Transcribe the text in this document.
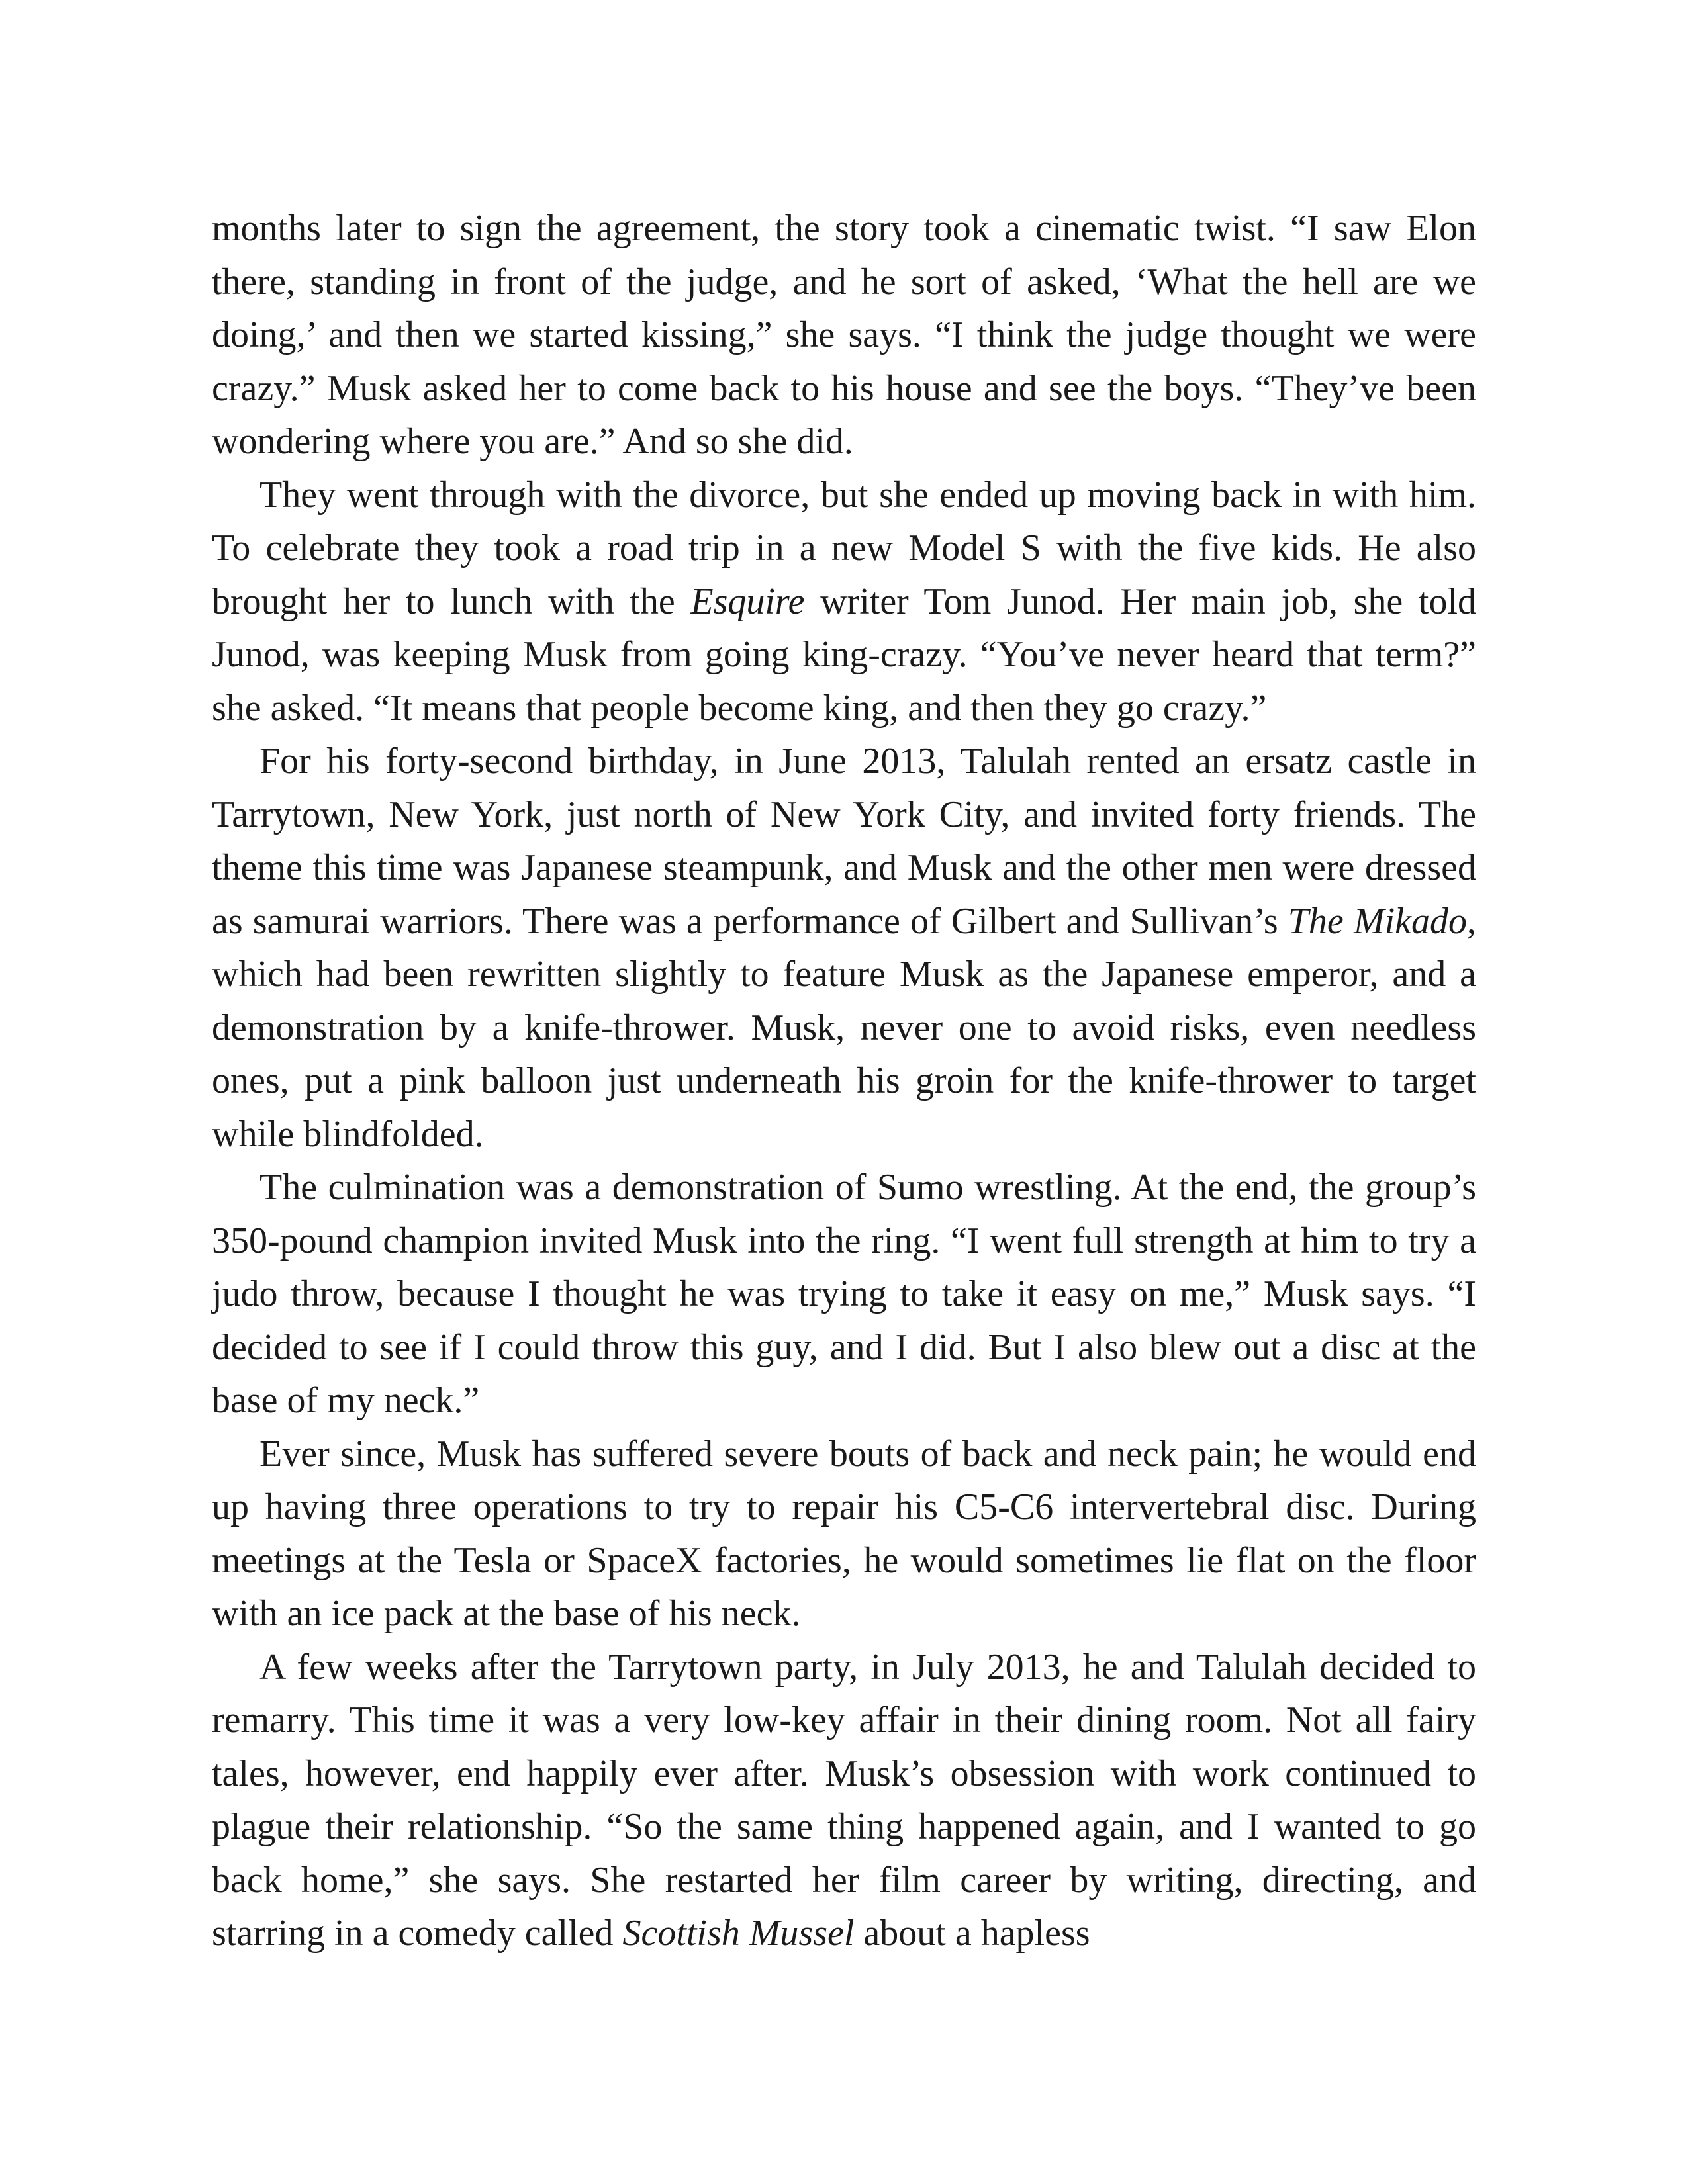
months later to sign the agreement, the story took a cinematic twist. “I saw Elon there, standing in front of the judge, and he sort of asked, ‘What the hell are we doing,’ and then we started kissing,” she says. “I think the judge thought we were crazy.” Musk asked her to come back to his house and see the boys. “They’ve been wondering where you are.” And so she did.

They went through with the divorce, but she ended up moving back in with him. To celebrate they took a road trip in a new Model S with the five kids. He also brought her to lunch with the Esquire writer Tom Junod. Her main job, she told Junod, was keeping Musk from going king-crazy. “You’ve never heard that term?” she asked. “It means that people become king, and then they go crazy.”

For his forty-second birthday, in June 2013, Talulah rented an ersatz castle in Tarrytown, New York, just north of New York City, and invited forty friends. The theme this time was Japanese steampunk, and Musk and the other men were dressed as samurai warriors. There was a performance of Gilbert and Sullivan’s The Mikado, which had been rewritten slightly to feature Musk as the Japanese emperor, and a demonstration by a knife-thrower. Musk, never one to avoid risks, even needless ones, put a pink balloon just underneath his groin for the knife-thrower to target while blindfolded.

The culmination was a demonstration of Sumo wrestling. At the end, the group’s 350-pound champion invited Musk into the ring. “I went full strength at him to try a judo throw, because I thought he was trying to take it easy on me,” Musk says. “I decided to see if I could throw this guy, and I did. But I also blew out a disc at the base of my neck.”

Ever since, Musk has suffered severe bouts of back and neck pain; he would end up having three operations to try to repair his C5-C6 intervertebral disc. During meetings at the Tesla or SpaceX factories, he would sometimes lie flat on the floor with an ice pack at the base of his neck.

A few weeks after the Tarrytown party, in July 2013, he and Talulah decided to remarry. This time it was a very low-key affair in their dining room. Not all fairy tales, however, end happily ever after. Musk’s obsession with work continued to plague their relationship. “So the same thing happened again, and I wanted to go back home,” she says. She restarted her film career by writing, directing, and starring in a comedy called Scottish Mussel about a hapless
